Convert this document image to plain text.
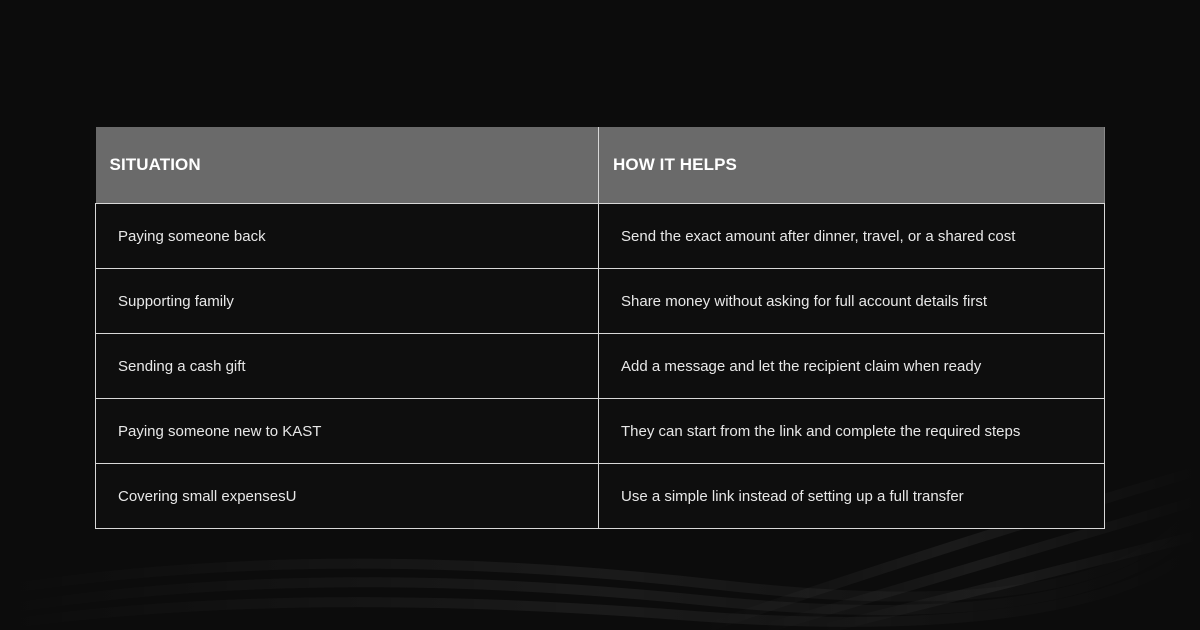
SITUATION	HOW IT HELPS
Paying someone back	Send the exact amount after dinner, travel, or a shared cost
Supporting family	Share money without asking for full account details first
Sending a cash gift	Add a message and let the recipient claim when ready
Paying someone new to KAST	They can start from the link and complete the required steps
Covering small expensesU	Use a simple link instead of setting up a full transfer
